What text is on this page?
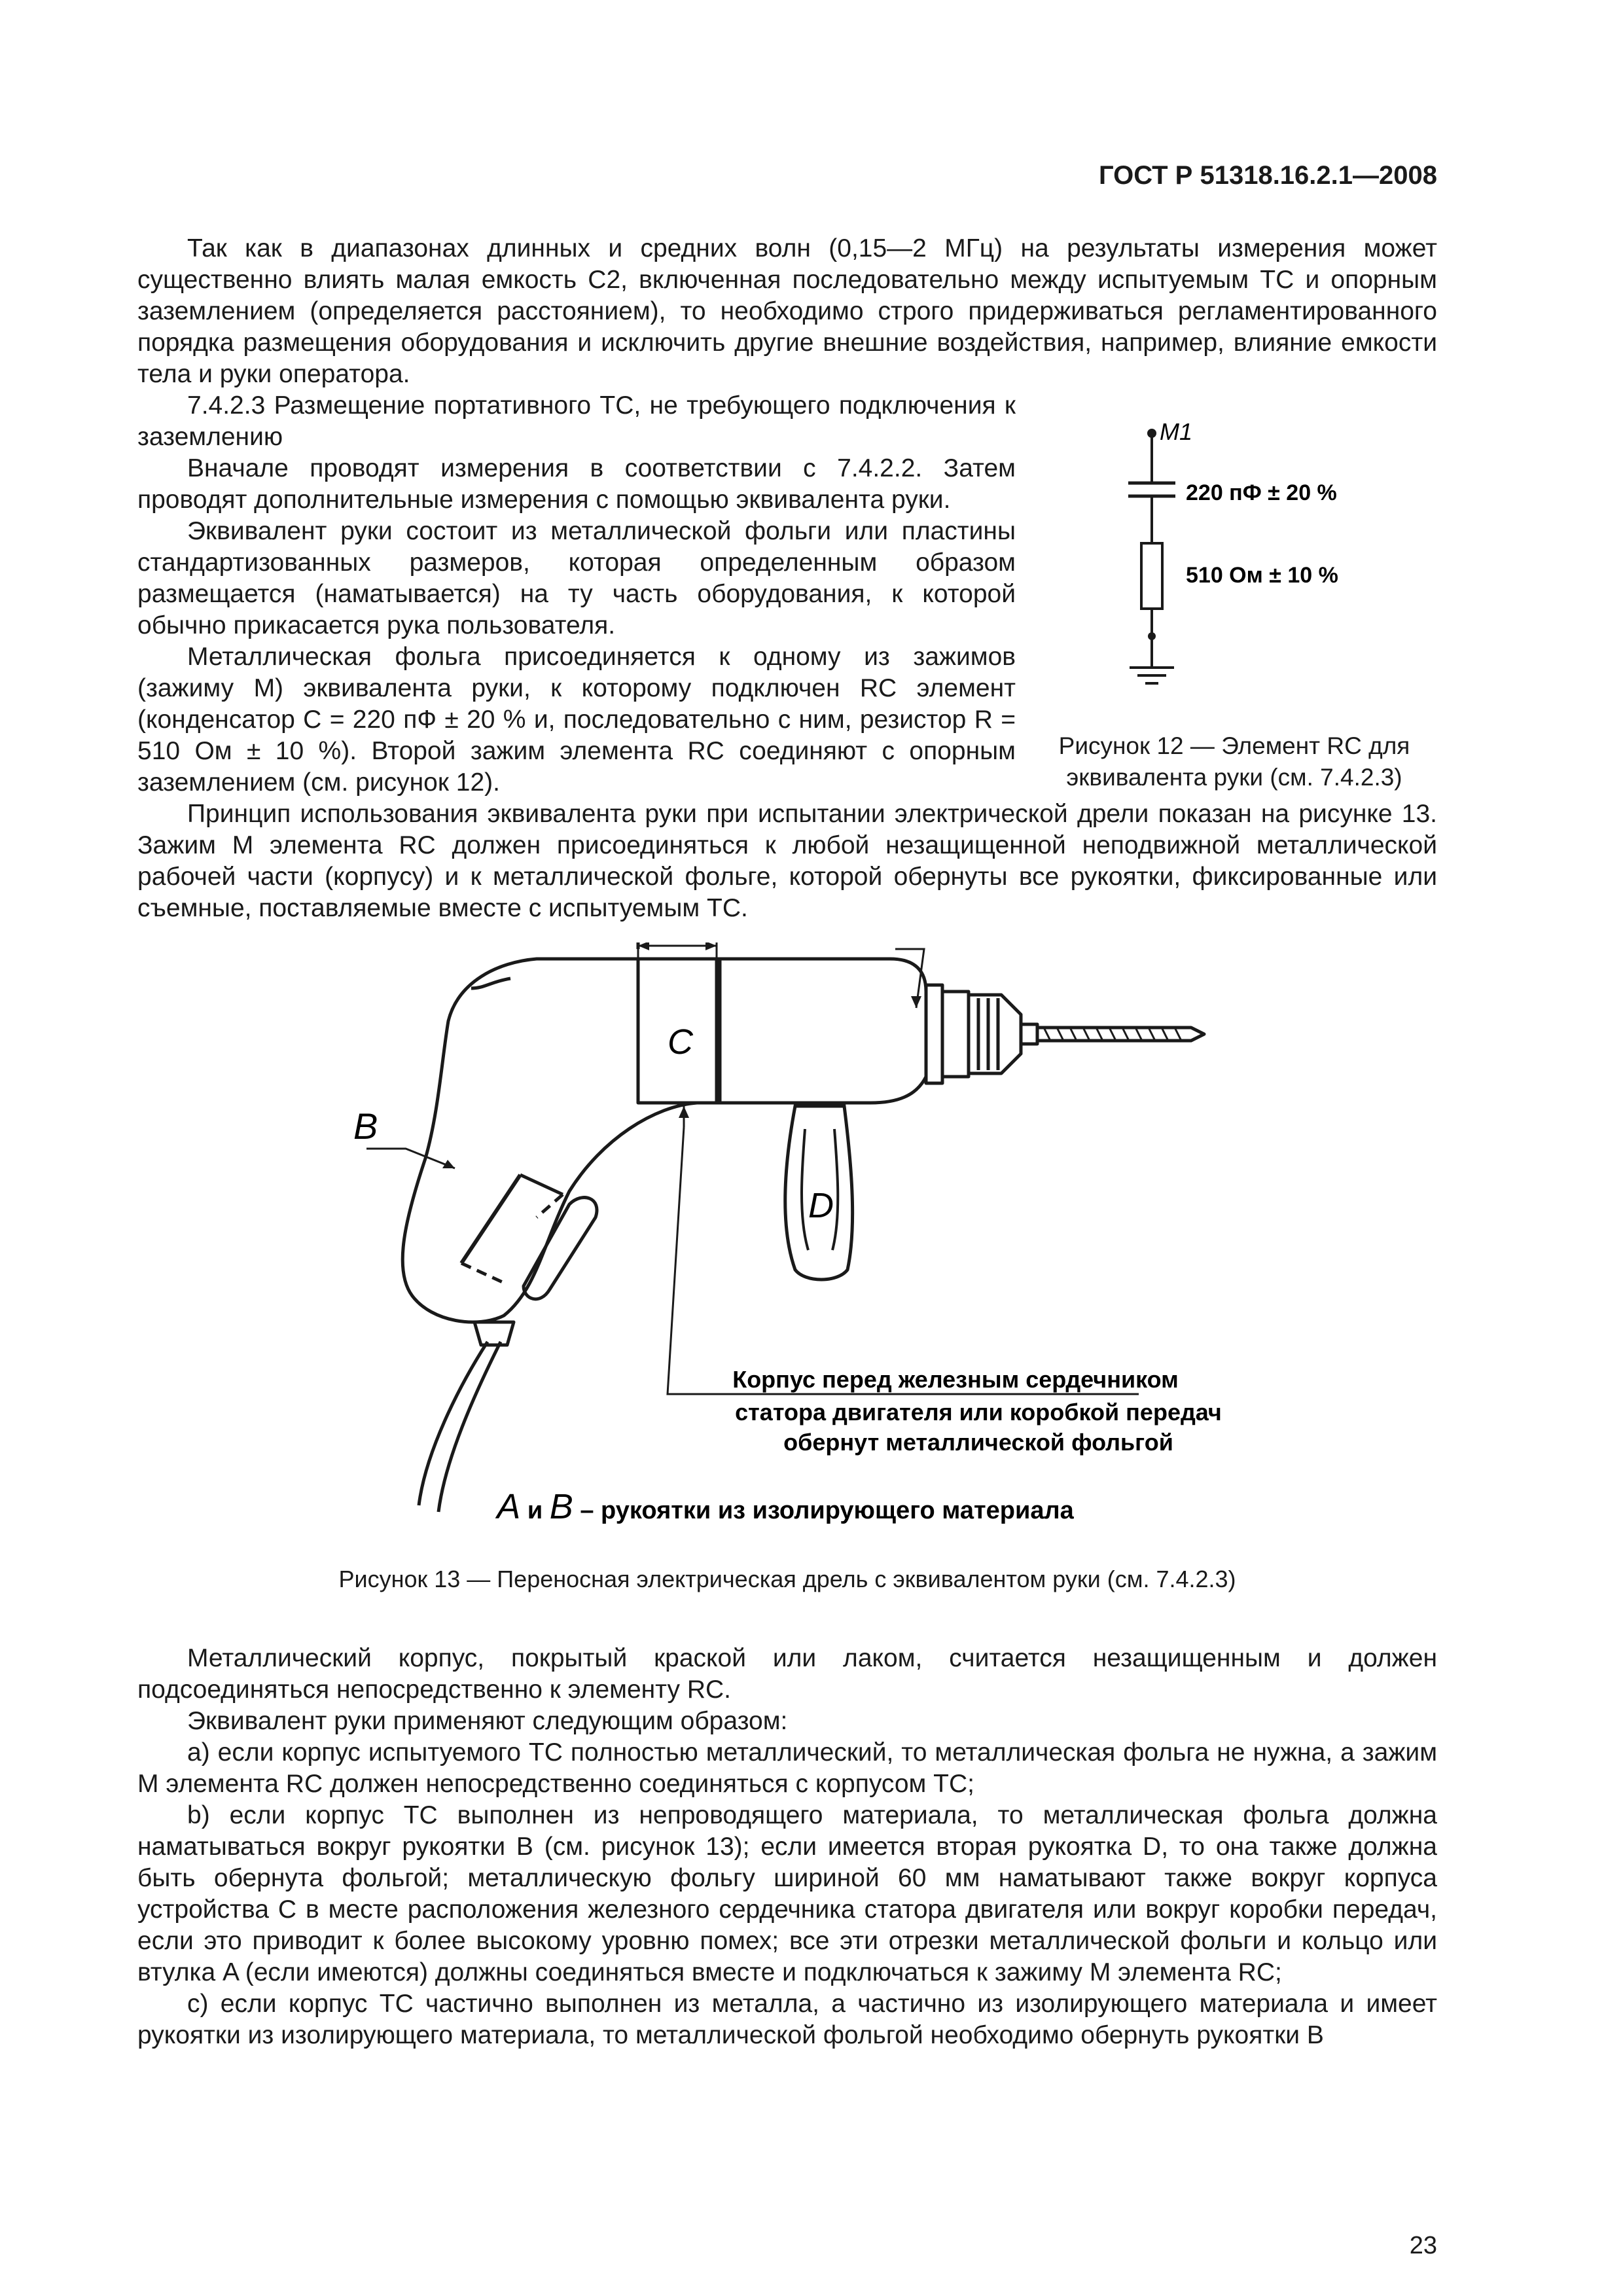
ГОСТ Р 51318.16.2.1—2008

Так как в диапазонах длинных и средних волн (0,15—2 МГц) на результаты измерения может существенно влиять малая емкость C2, включенная последовательно между испытуемым ТС и опорным заземлением (определяется расстоянием), то необходимо строго придерживаться регламентированного порядка размещения оборудования и исключить другие внешние воздействия, например, влияние емкости тела и руки оператора.

7.4.2.3 Размещение портативного ТС, не требующего подключения к заземлению

Вначале проводят измерения в соответствии с 7.4.2.2. Затем проводят дополнительные измерения с помощью эквивалента руки.

Эквивалент руки состоит из металлической фольги или пластины стандартизованных размеров, которая определенным образом размещается (наматывается) на ту часть оборудования, к которой обычно прикасается рука пользователя.

Металлическая фольга присоединяется к одному из зажимов (зажиму M) эквивалента руки, к которому подключен RC элемент (конденсатор C = 220 пФ ± 20 % и, последовательно с ним, резистор R = 510 Ом ± 10 %). Второй зажим элемента RC соединяют с опорным заземлением (см. рисунок 12).

Принцип использования эквивалента руки при испытании электрической дрели показан на рисунке 13. Зажим M элемента RC должен присоединяться к любой незащищенной неподвижной металлической рабочей части (корпусу) и к металлической фольге, которой обернуты все рукоятки, фиксированные или съемные, поставляемые вместе с испытуемым ТС.

M1
220 пФ ± 20 %
510 Ом ± 10 %
Рисунок 12 — Элемент RC для эквивалента руки (см. 7.4.2.3)
B
C
D
Корпус перед железным сердечником
статора двигателя или коробкой передач
обернут металлической фольгой
A и B – рукоятки из изолирующего материала
Рисунок 13 — Переносная электрическая дрель с эквивалентом руки (см. 7.4.2.3)

Металлический корпус, покрытый краской или лаком, считается незащищенным и должен подсоединяться непосредственно к элементу RC.

Эквивалент руки применяют следующим образом:

a) если корпус испытуемого ТС полностью металлический, то металлическая фольга не нужна, а зажим M элемента RC должен непосредственно соединяться с корпусом ТС;

b) если корпус ТС выполнен из непроводящего материала, то металлическая фольга должна наматываться вокруг рукоятки B (см. рисунок 13); если имеется вторая рукоятка D, то она также должна быть обернута фольгой; металлическую фольгу шириной 60 мм наматывают также вокруг корпуса устройства C в месте расположения железного сердечника статора двигателя или вокруг коробки передач, если это приводит к более высокому уровню помех; все эти отрезки металлической фольги и кольцо или втулка A (если имеются) должны соединяться вместе и подключаться к зажиму M элемента RC;

c) если корпус ТС частично выполнен из металла, а частично из изолирующего материала и имеет рукоятки из изолирующего материала, то металлической фольгой необходимо обернуть рукоятки B

23
